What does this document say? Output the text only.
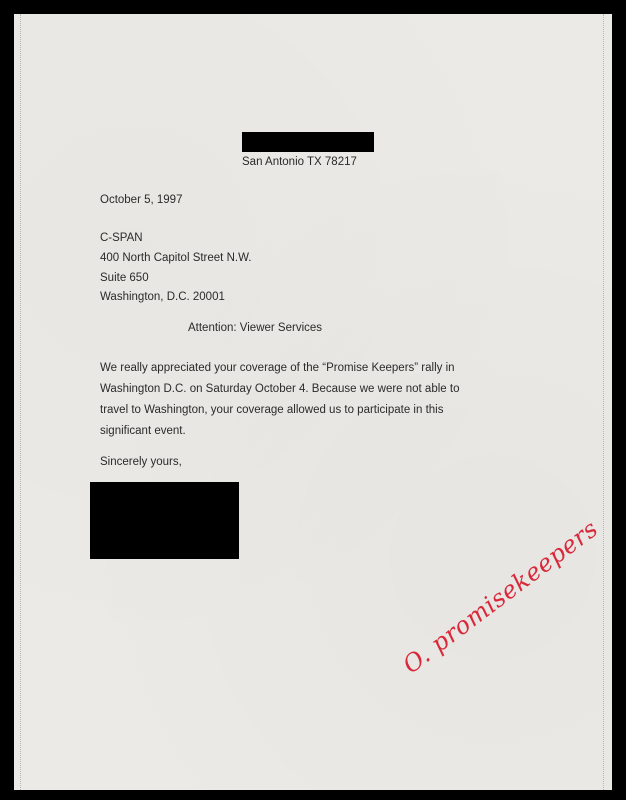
San Antonio TX 78217
October 5, 1997
C-SPAN
400 North Capitol Street N.W.
Suite 650
Washington, D.C. 20001
Attention: Viewer Services
We really appreciated your coverage of the “Promise Keepers” rally in
Washington D.C. on Saturday October 4. Because we were not able to
travel to Washington, your coverage allowed us to participate in this
significant event.
Sincerely yours,
O. promisekeepers
